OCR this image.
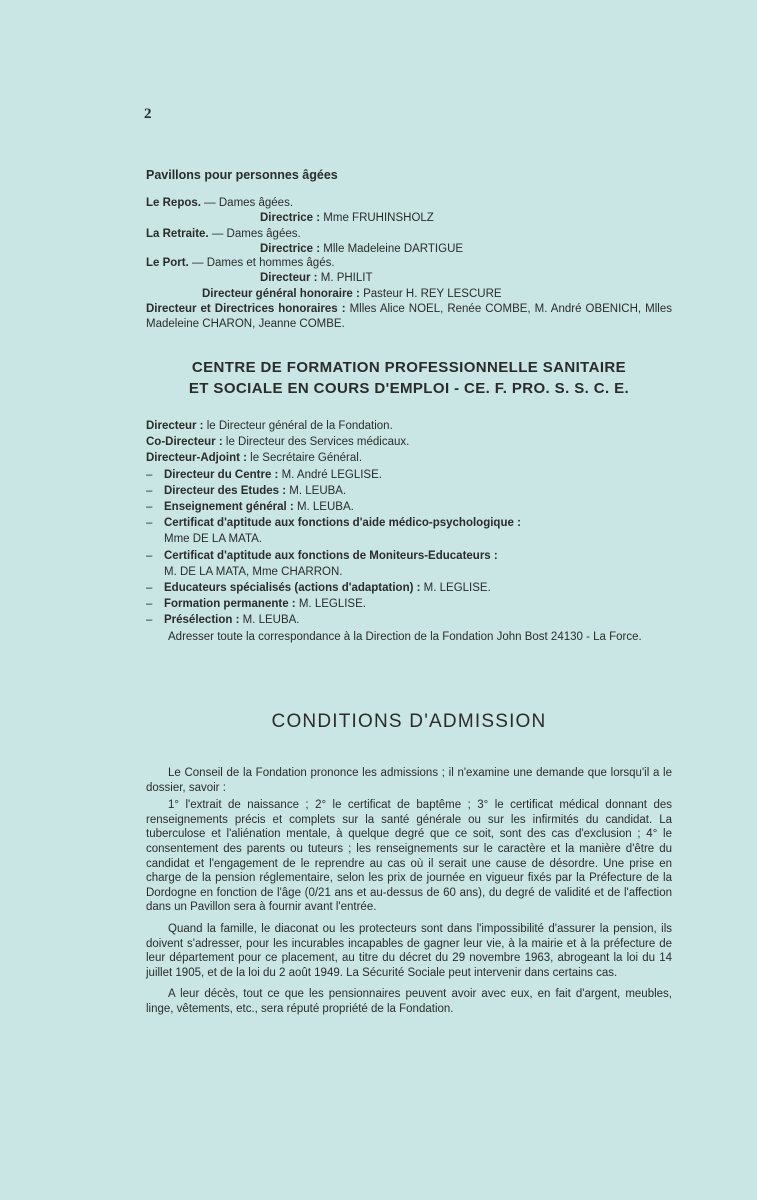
2
Pavillons pour personnes âgées
Le Repos. — Dames âgées.
Directrice : Mme FRUHINSHOLZ
La Retraite. — Dames âgées.
Directrice : Mlle Madeleine DARTIGUE
Le Port. — Dames et hommes âgés.
Directeur : M. PHILIT
Directeur général honoraire : Pasteur H. REY LESCURE
Directeur et Directrices honoraires : Mlles Alice NOEL, Renée COMBE, M. André OBENICH, Mlles Madeleine CHARON, Jeanne COMBE.
CENTRE DE FORMATION PROFESSIONNELLE SANITAIRE
ET SOCIALE EN COURS D'EMPLOI - CE. F. PRO. S. S. C. E.
Directeur : le Directeur général de la Fondation.
Co-Directeur : le Directeur des Services médicaux.
Directeur-Adjoint : le Secrétaire Général.
–	Directeur du Centre : M. André LEGLISE.
–	Directeur des Etudes : M. LEUBA.
–	Enseignement général : M. LEUBA.
–	Certificat d'aptitude aux fonctions d'aide médico-psychologique :
Mme DE LA MATA.
–	Certificat d'aptitude aux fonctions de Moniteurs-Educateurs :
M. DE LA MATA, Mme CHARRON.
–	Educateurs spécialisés (actions d'adaptation) : M. LEGLISE.
–	Formation permanente : M. LEGLISE.
–	Présélection : M. LEUBA.

Adresser toute la correspondance à la Direction de la Fondation John Bost 24130 - La Force.

CONDITIONS D'ADMISSION

Le Conseil de la Fondation prononce les admissions ; il n'examine une demande que lorsqu'il a le dossier, savoir :

1° l'extrait de naissance ; 2° le certificat de baptême ; 3° le certificat médical donnant des renseignements précis et complets sur la santé générale ou sur les infirmités du candidat. La tuberculose et l'aliénation mentale, à quelque degré que ce soit, sont des cas d'exclusion ; 4° le consentement des parents ou tuteurs ; les renseignements sur le caractère et la manière d'être du candidat et l'engagement de le reprendre au cas où il serait une cause de désordre. Une prise en charge de la pension réglementaire, selon les prix de journée en vigueur fixés par la Préfecture de la Dordogne en fonction de l'âge (0/21 ans et au-dessus de 60 ans), du degré de validité et de l'affection dans un Pavillon sera à fournir avant l'entrée.

Quand la famille, le diaconat ou les protecteurs sont dans l'impossibilité d'assurer la pension, ils doivent s'adresser, pour les incurables incapables de gagner leur vie, à la mairie et à la préfecture de leur département pour ce placement, au titre du décret du 29 novembre 1963, abrogeant la loi du 14 juillet 1905, et de la loi du 2 août 1949. La Sécurité Sociale peut intervenir dans certains cas.

A leur décès, tout ce que les pensionnaires peuvent avoir avec eux, en fait d'argent, meubles, linge, vêtements, etc., sera réputé propriété de la Fondation.
